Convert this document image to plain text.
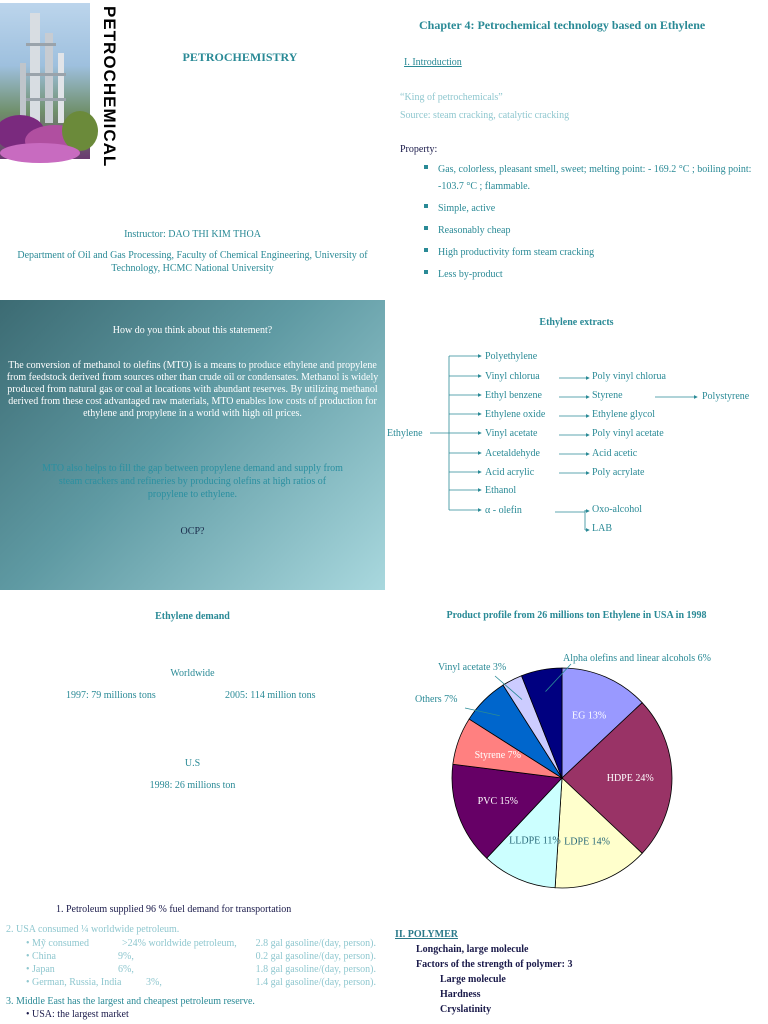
PETROCHEMICAL	PETROCHEMISTRY
Instructor: DAO THI KIM THOA
Department of Oil and Gas Processing, Faculty of Chemical Engineering, University of Technology, HCMC National University
Chapter 4: Petrochemical technology based on Ethylene
I. Introduction
“King of petrochemicals”
Source: steam cracking, catalytic cracking
Property:
Gas, colorless, pleasant smell, sweet; melting point: - 169.2 °C ; boiling point: -103.7 °C ; flammable.
Simple, active
Reasonably cheap
High productivity form steam cracking
Less by-product
How do you think about this statement?
The conversion of methanol to olefins (MTO) is a means to produce ethylene and propylene from feedstock derived from sources other than crude oil or condensates. Methanol is widely produced from natural gas or coal at locations with abundant reserves. By utilizing methanol derived from these cost advantaged raw materials, MTO enables low costs of production for ethylene and propylene in a world with high oil prices.
MTO also helps to fill the gap between propylene demand and supply from steam crackers and refineries by producing olefins at high ratios of propylene to ethylene.
OCP?
Ethylene extracts
Ethylene
Polyethylene
Vinyl chlorua
Ethyl benzene
Ethylene oxide
Vinyl acetate
Acetaldehyde
Acid acrylic
Ethanol
α - olefin
Poly vinyl chlorua
Styrene
Ethylene glycol
Poly vinyl acetate
Acid acetic
Poly acrylate
Oxo-alcohol
LAB
Polystyrene
Ethylene demand
Worldwide
1997: 79 millions tons	2005: 114 million tons
U.S
1998: 26 millions ton
Product profile from 26 millions ton Ethylene in USA in 1998
EG 13%
HDPE 24%
LDPE 14%
LLDPE 11%
PVC 15%
Styrene 7%
Others 7%
Vinyl acetate 3%
Alpha olefins and linear alcohols 6%
1. Petroleum supplied 96 % fuel demand for transportation
2. USA consumed ¼ worldwide petroleum.
• Mỹ consumed	>24% worldwide petroleum, 2.8 gal gasoline/(day, person).
• China	9%,	0.2 gal gasoline/(day, person).
• Japan	6%,	1.8 gal gasoline/(day, person).
• German, Russia, India 3%,	1.4 gal gasoline/(day, person).
3. Middle East has the largest and cheapest petroleum reserve.
• USA: the largest market
II. POLYMER
Longchain, large molecule
Factors of the strength of polymer: 3
Large molecule
Hardness
Cryslatinity
